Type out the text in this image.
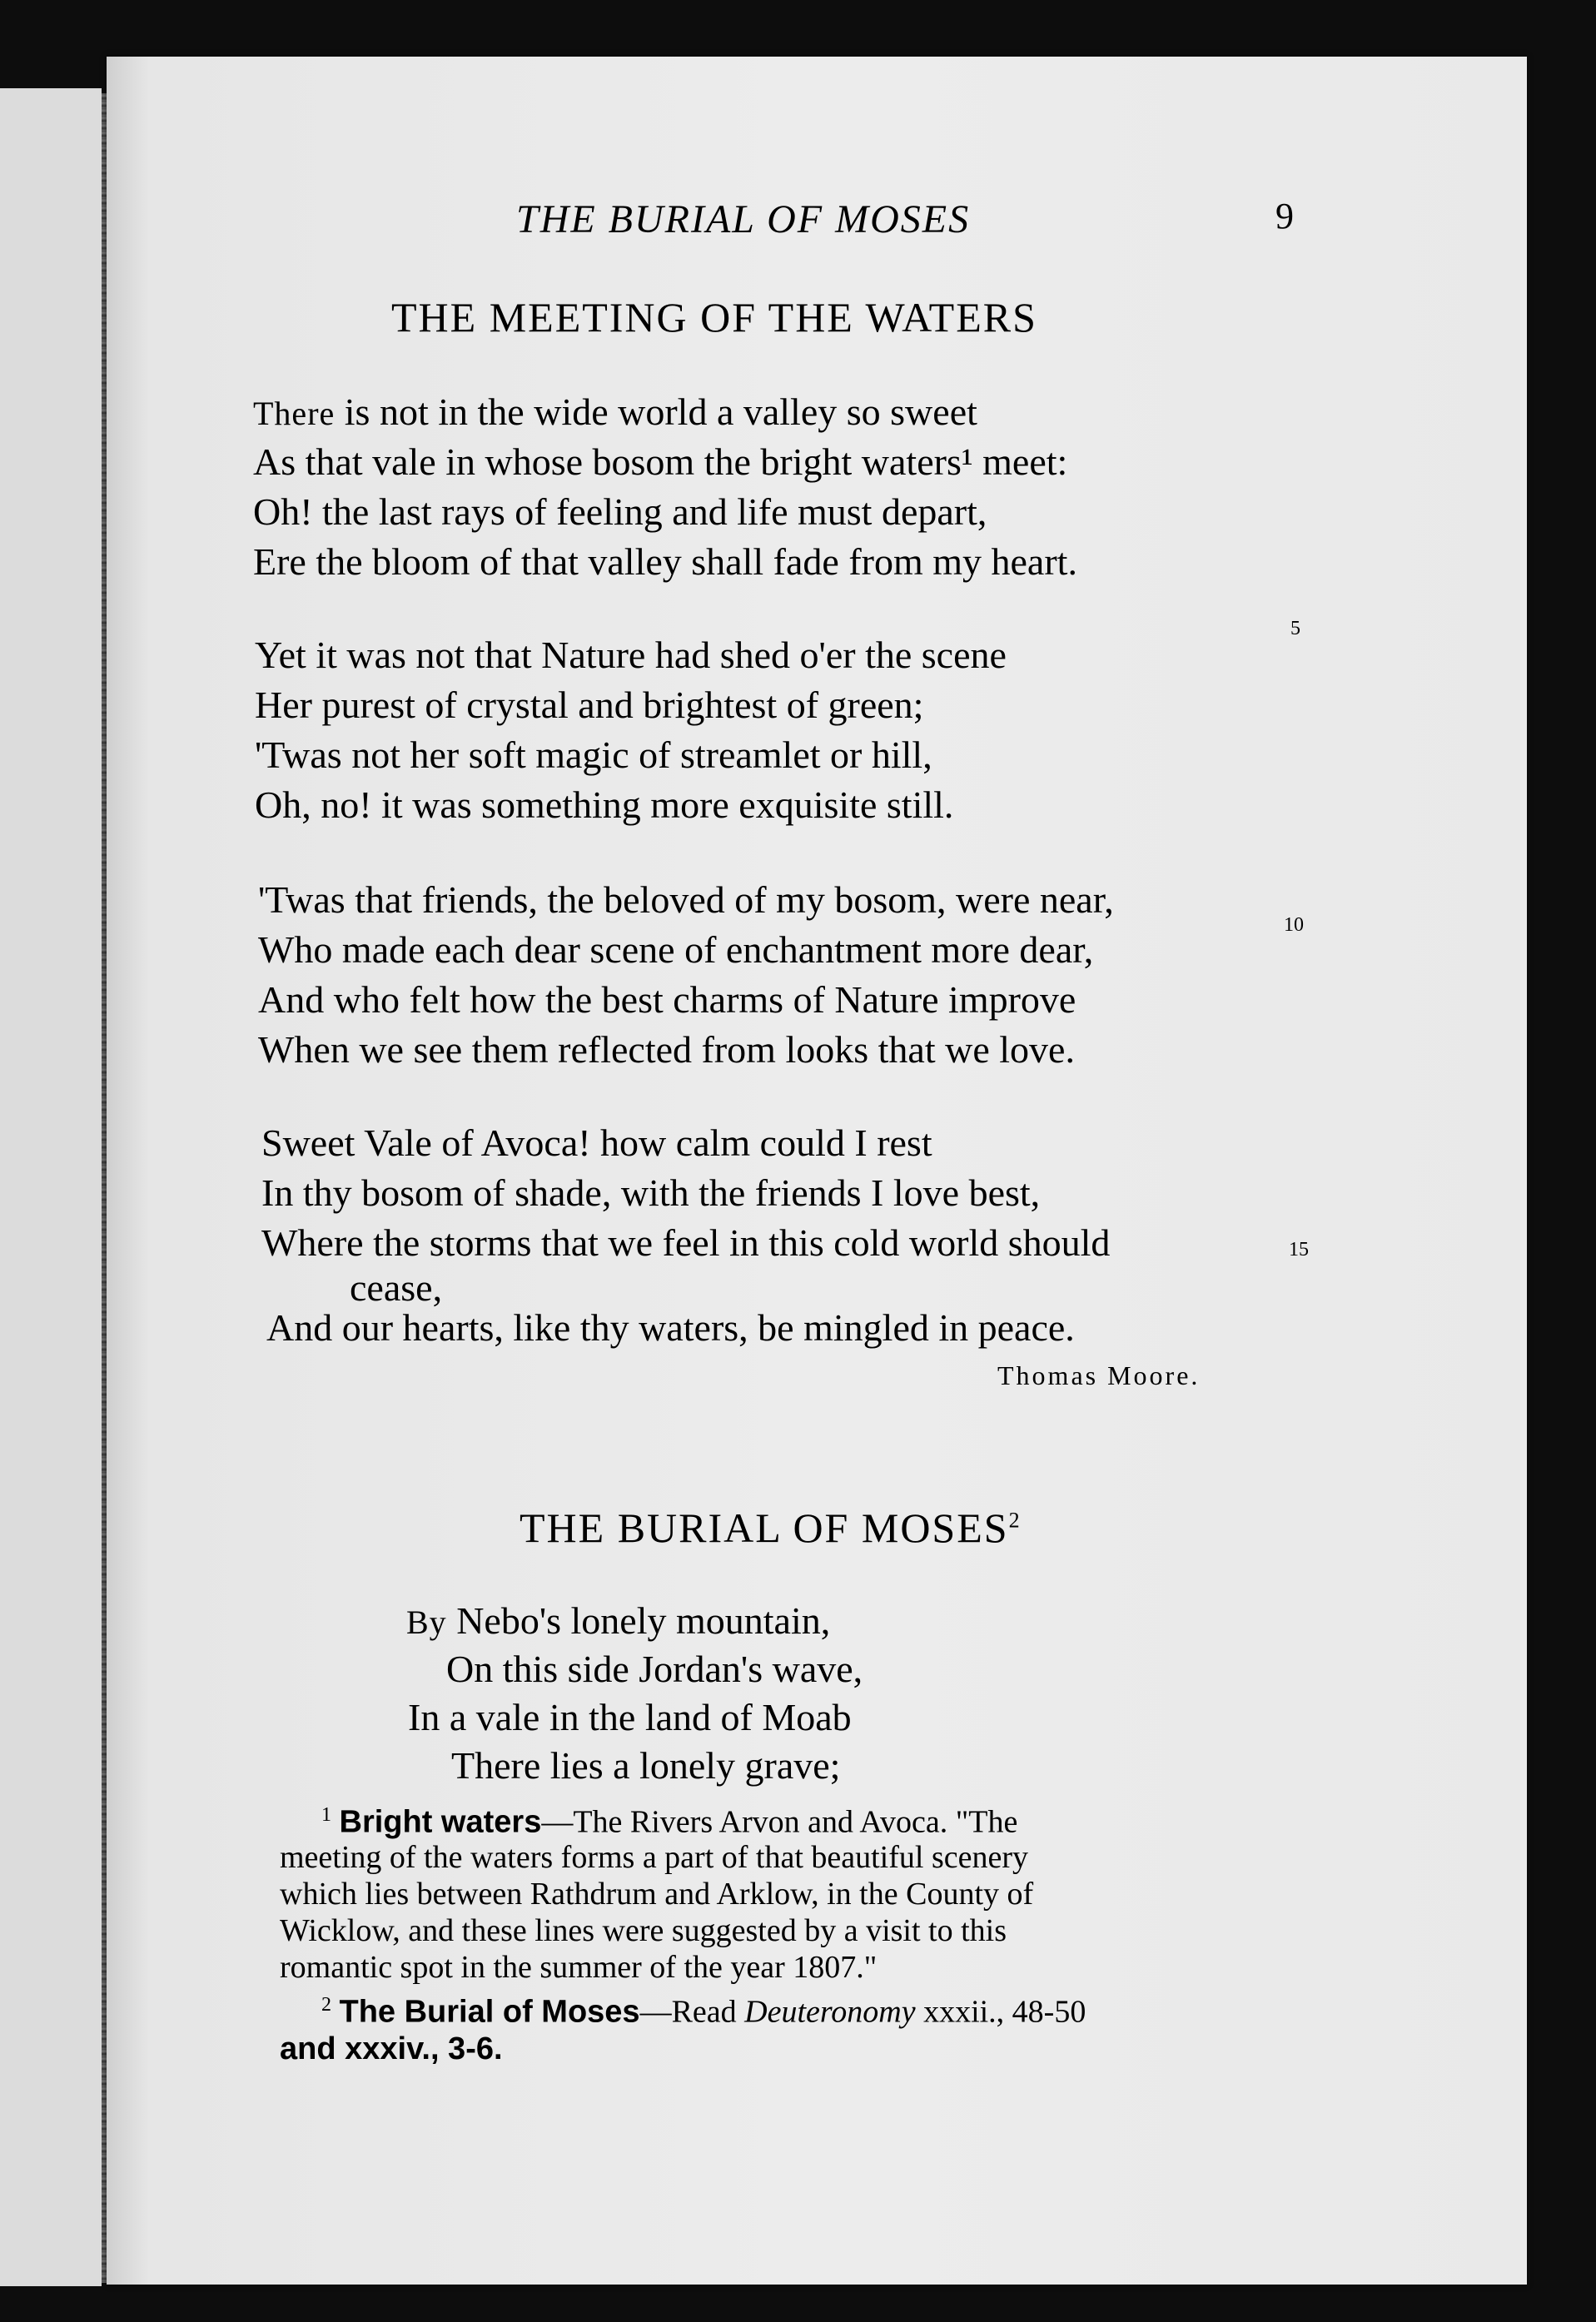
THE BURIAL OF MOSES	9
THE MEETING OF THE WATERS
There is not in the wide world a valley so sweet
As that vale in whose bosom the bright waters¹ meet:
Oh! the last rays of feeling and life must depart,
Ere the bloom of that valley shall fade from my heart.
Yet it was not that Nature had shed o'er the scene
5
Her purest of crystal and brightest of green;
'Twas not her soft magic of streamlet or hill,
Oh, no! it was something more exquisite still.
'Twas that friends, the beloved of my bosom, were near,
Who made each dear scene of enchantment more dear,
10
And who felt how the best charms of Nature improve
When we see them reflected from looks that we love.
Sweet Vale of Avoca! how calm could I rest
In thy bosom of shade, with the friends I love best,
Where the storms that we feel in this cold world should
cease,
15
And our hearts, like thy waters, be mingled in peace.
Thomas Moore.
THE BURIAL OF MOSES$^2$
By Nebo's lonely mountain,
On this side Jordan's wave,
In a vale in the land of Moab
There lies a lonely grave;
$^1$ Bright waters—The Rivers Arvon and Avoca. "The
meeting of the waters forms a part of that beautiful scenery
which lies between Rathdrum and Arklow, in the County of
Wicklow, and these lines were suggested by a visit to this
romantic spot in the summer of the year 1807."
$^2$ The Burial of Moses—Read Deuteronomy xxxii., 48-50
and xxxiv., 3-6.
